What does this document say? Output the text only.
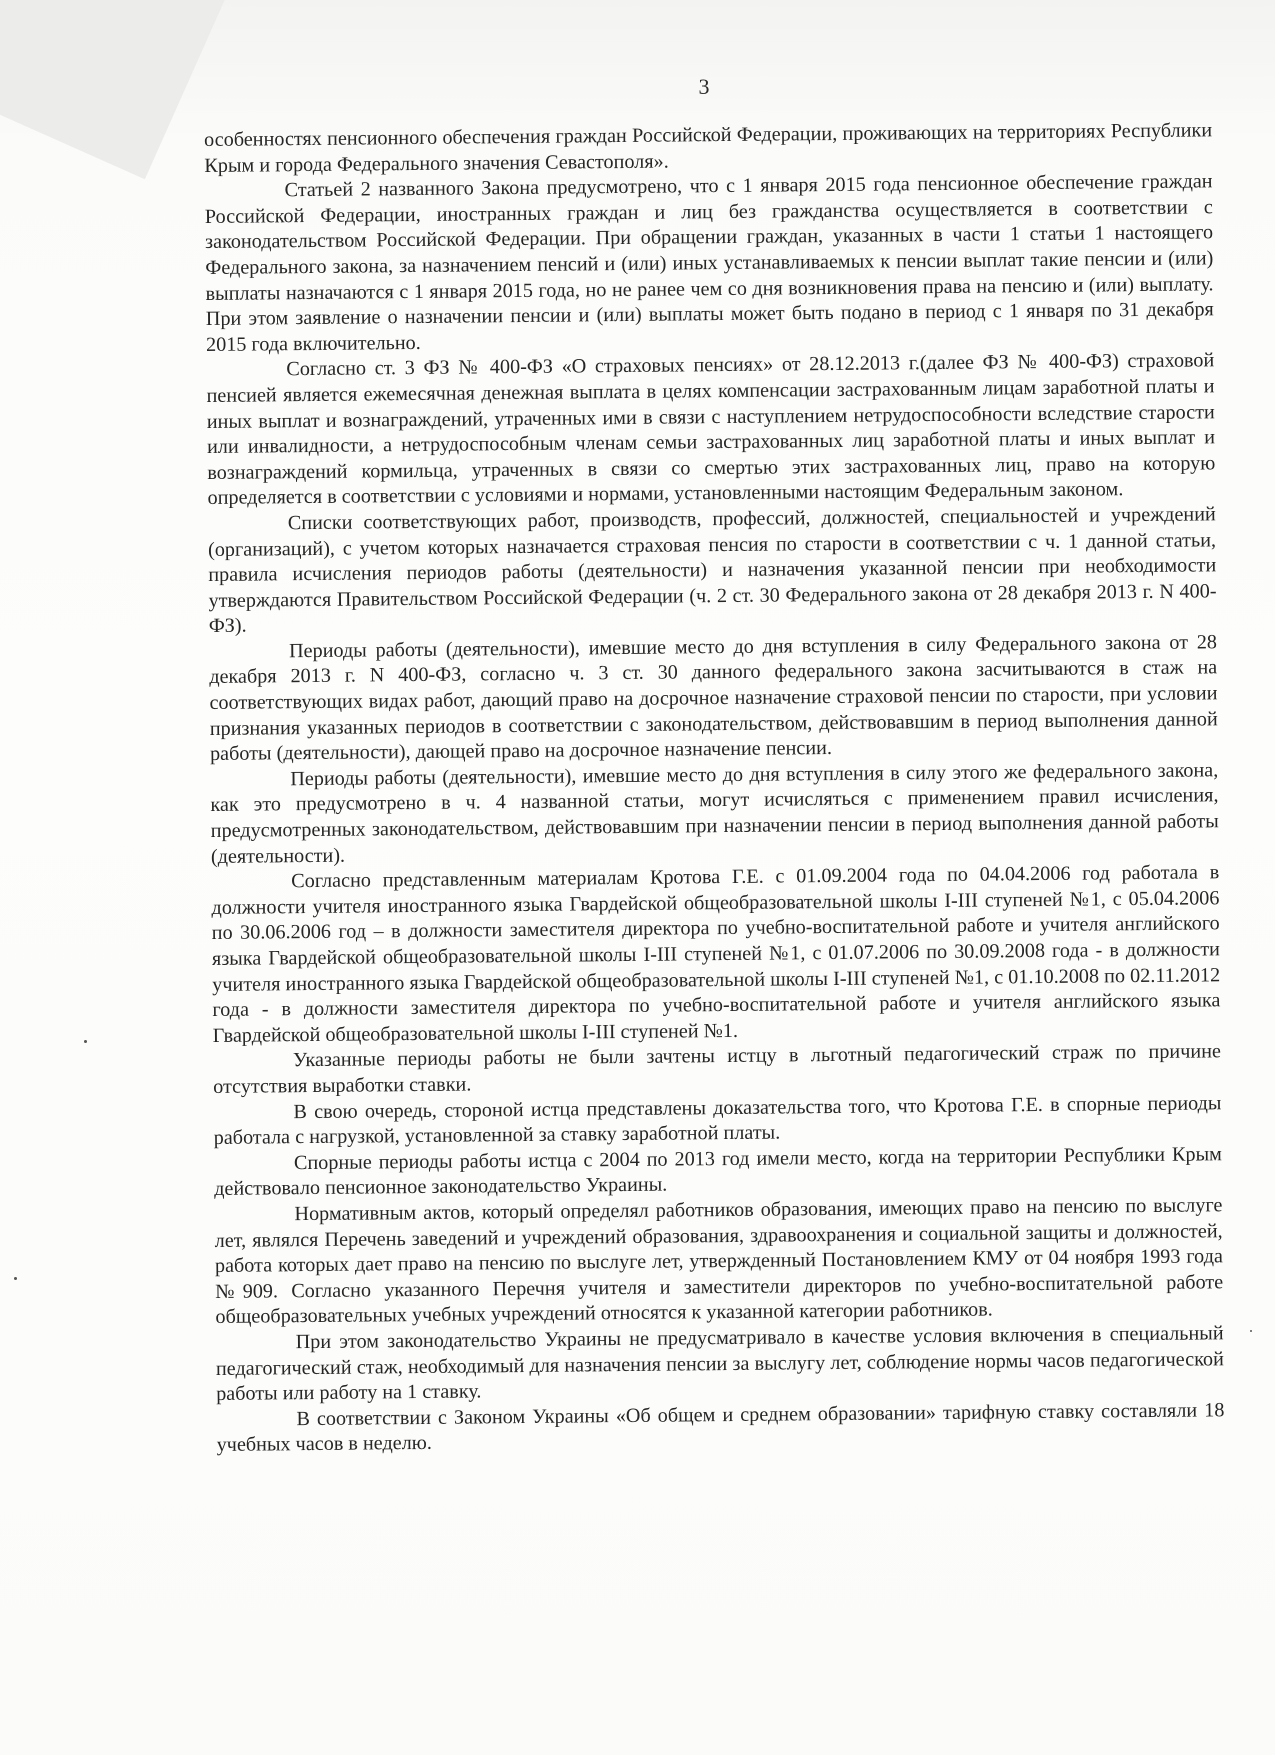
3

особенностях пенсионного обеспечения граждан Российской Федерации, проживающих на территориях Республики Крым и города Федерального значения Севастополя».

Статьей 2 названного Закона предусмотрено, что с 1 января 2015 года пенсионное обеспечение граждан Российской Федерации, иностранных граждан и лиц без гражданства осуществляется в соответствии с законодательством Российской Федерации. При обращении граждан, указанных в части 1 статьи 1 настоящего Федерального закона, за назначением пенсий и (или) иных устанавливаемых к пенсии выплат такие пенсии и (или) выплаты назначаются с 1 января 2015 года, но не ранее чем со дня возникновения права на пенсию и (или) выплату. При этом заявление о назначении пенсии и (или) выплаты может быть подано в период с 1 января по 31 декабря 2015 года включительно.

Согласно ст. 3 ФЗ № 400-ФЗ «О страховых пенсиях» от 28.12.2013 г.(далее ФЗ № 400-ФЗ) страховой пенсией является ежемесячная денежная выплата в целях компенсации застрахованным лицам заработной платы и иных выплат и вознаграждений, утраченных ими в связи с наступлением нетрудоспособности вследствие старости или инвалидности, а нетрудоспособным членам семьи застрахованных лиц заработной платы и иных выплат и вознаграждений кормильца, утраченных в связи со смертью этих застрахованных лиц, право на которую определяется в соответствии с условиями и нормами, установленными настоящим Федеральным законом.

Списки соответствующих работ, производств, профессий, должностей, специальностей и учреждений (организаций), с учетом которых назначается страховая пенсия по старости в соответствии с ч. 1 данной статьи, правила исчисления периодов работы (деятельности) и назначения указанной пенсии при необходимости утверждаются Правительством Российской Федерации (ч. 2 ст. 30 Федерального закона от 28 декабря 2013 г. N 400-ФЗ).

Периоды работы (деятельности), имевшие место до дня вступления в силу Федерального закона от 28 декабря 2013 г. N 400-ФЗ, согласно ч. 3 ст. 30 данного федерального закона засчитываются в стаж на соответствующих видах работ, дающий право на досрочное назначение страховой пенсии по старости, при условии признания указанных периодов в соответствии с законодательством, действовавшим в период выполнения данной работы (деятельности), дающей право на досрочное назначение пенсии.

Периоды работы (деятельности), имевшие место до дня вступления в силу этого же федерального закона, как это предусмотрено в ч. 4 названной статьи, могут исчисляться с применением правил исчисления, предусмотренных законодательством, действовавшим при назначении пенсии в период выполнения данной работы (деятельности).

Согласно представленным материалам Кротова Г.Е. с 01.09.2004 года по 04.04.2006 год работала в должности учителя иностранного языка Гвардейской общеобразовательной школы I-III ступеней №1, с 05.04.2006 по 30.06.2006 год – в должности заместителя директора по учебно-воспитательной работе и учителя английского языка Гвардейской общеобразовательной школы I-III ступеней №1, с 01.07.2006 по 30.09.2008 года - в должности учителя иностранного языка Гвардейской общеобразовательной школы I-III ступеней №1, с 01.10.2008 по 02.11.2012 года - в должности заместителя директора по учебно-воспитательной работе и учителя английского языка Гвардейской общеобразовательной школы I-III ступеней №1.

Указанные периоды работы не были зачтены истцу в льготный педагогический страж по причине отсутствия выработки ставки.

В свою очередь, стороной истца представлены доказательства того, что Кротова Г.Е. в спорные периоды работала с нагрузкой, установленной за ставку заработной платы.

Спорные периоды работы истца с 2004 по 2013 год имели место, когда на территории Республики Крым действовало пенсионное законодательство Украины.

Нормативным актов, который определял работников образования, имеющих право на пенсию по выслуге лет, являлся Перечень заведений и учреждений образования, здравоохранения и социальной защиты и должностей, работа которых дает право на пенсию по выслуге лет, утвержденный Постановлением КМУ от 04 ноября 1993 года №909. Согласно указанного Перечня учителя и заместители директоров по учебно-воспитательной работе общеобразовательных учебных учреждений относятся к указанной категории работников.

При этом законодательство Украины не предусматривало в качестве условия включения в специальный педагогический стаж, необходимый для назначения пенсии за выслугу лет, соблюдение нормы часов педагогической работы или работу на 1 ставку.

В соответствии с Законом Украины «Об общем и среднем образовании» тарифную ставку составляли 18 учебных часов в неделю.
